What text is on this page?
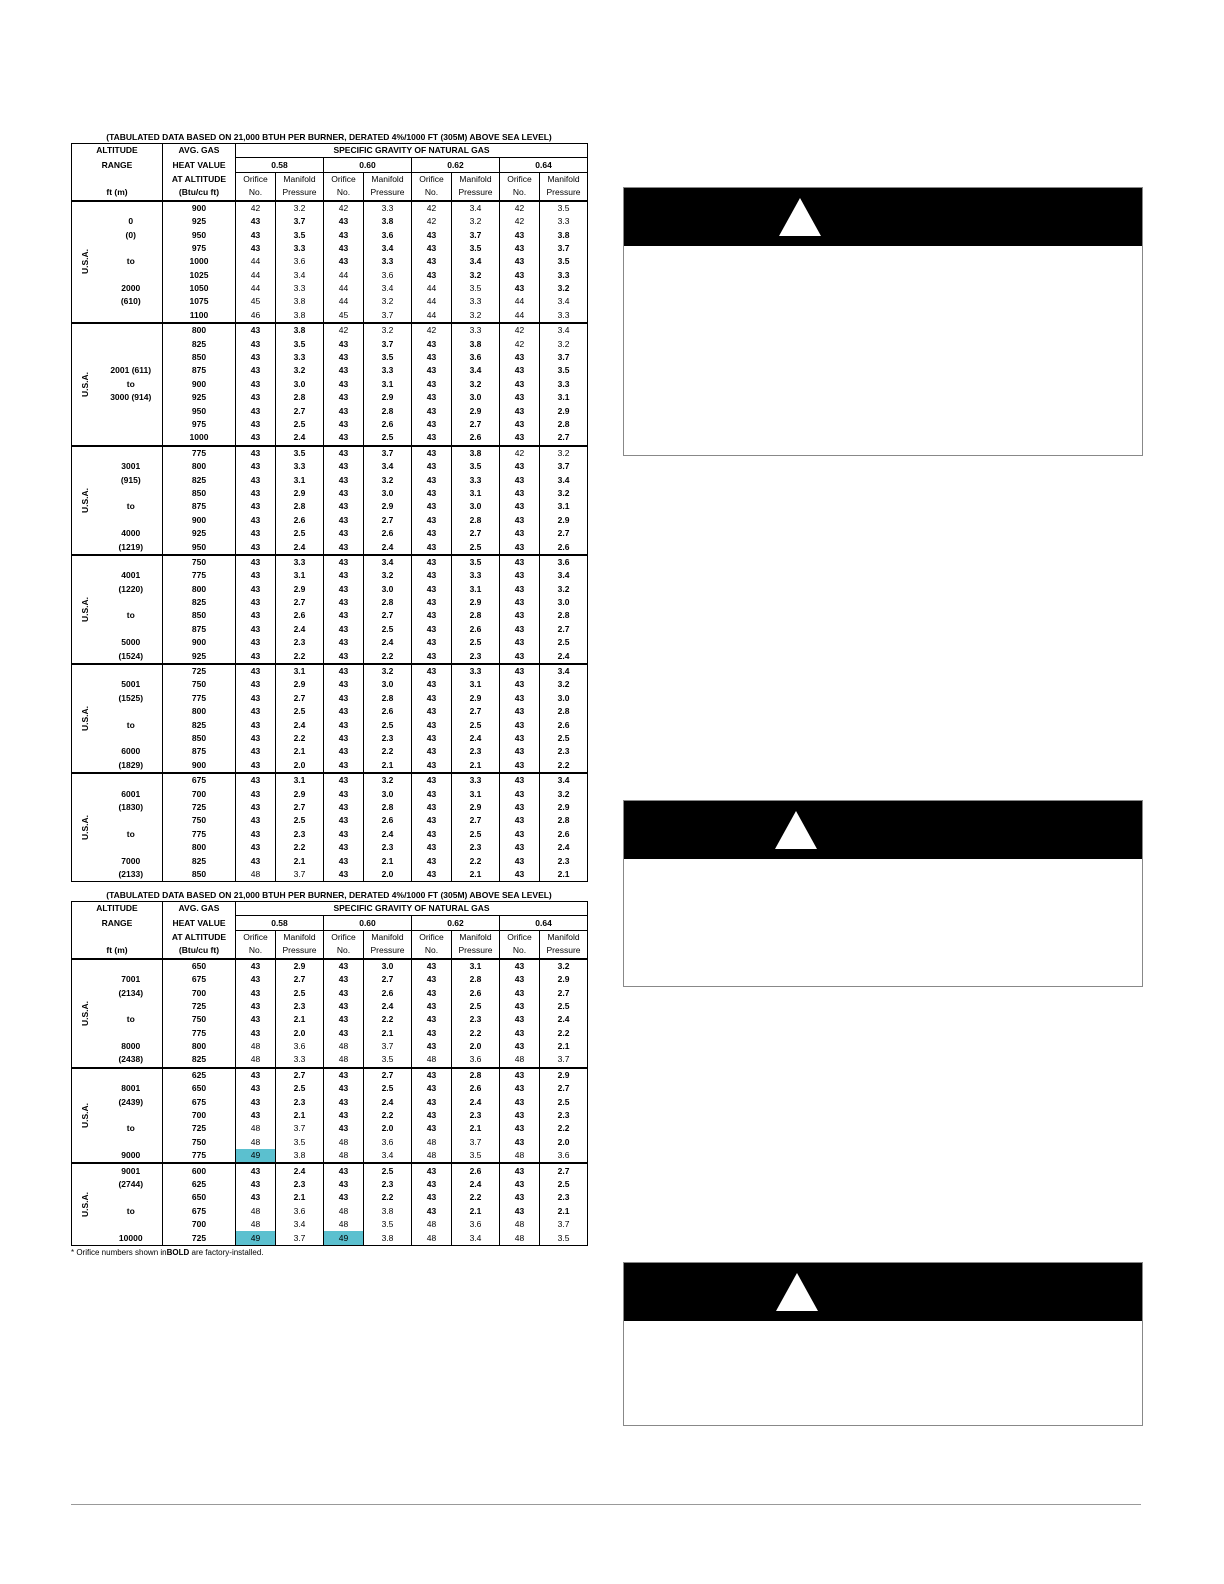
(TABULATED DATA BASED ON 21,000 BTUH PER BURNER, DERATED 4%/1000 FT (305M) ABOVE SEA LEVEL)
ALTITUDE		AVG. GAS	SPECIFIC GRAVITY OF NATURAL GAS							
RANGE		HEAT VALUE	0.58		0.60		0.62		0.64	
		AT ALTITUDE	Orifice	Manifold	Orifice	Manifold	Orifice	Manifold	Orifice	Manifold
ft (m)		(Btu/cu ft)	No.	Pressure	No.	Pressure	No.	Pressure	No.	Pressure
U.S.A.		900	42	3.2	42	3.3	42	3.4	42	3.5
	0	925	43	3.7	43	3.8	42	3.2	42	3.3
	(0)	950	43	3.5	43	3.6	43	3.7	43	3.8
		975	43	3.3	43	3.4	43	3.5	43	3.7
	to	1000	44	3.6	43	3.3	43	3.4	43	3.5
		1025	44	3.4	44	3.6	43	3.2	43	3.3
	2000	1050	44	3.3	44	3.4	44	3.5	43	3.2
	(610)	1075	45	3.8	44	3.2	44	3.3	44	3.4
		1100	46	3.8	45	3.7	44	3.2	44	3.3
U.S.A.		800	43	3.8	42	3.2	42	3.3	42	3.4
		825	43	3.5	43	3.7	43	3.8	42	3.2
		850	43	3.3	43	3.5	43	3.6	43	3.7
	2001 (611)	875	43	3.2	43	3.3	43	3.4	43	3.5
	to	900	43	3.0	43	3.1	43	3.2	43	3.3
	3000 (914)	925	43	2.8	43	2.9	43	3.0	43	3.1
		950	43	2.7	43	2.8	43	2.9	43	2.9
		975	43	2.5	43	2.6	43	2.7	43	2.8
		1000	43	2.4	43	2.5	43	2.6	43	2.7
U.S.A.		775	43	3.5	43	3.7	43	3.8	42	3.2
	3001	800	43	3.3	43	3.4	43	3.5	43	3.7
	(915)	825	43	3.1	43	3.2	43	3.3	43	3.4
		850	43	2.9	43	3.0	43	3.1	43	3.2
	to	875	43	2.8	43	2.9	43	3.0	43	3.1
		900	43	2.6	43	2.7	43	2.8	43	2.9
	4000	925	43	2.5	43	2.6	43	2.7	43	2.7
	(1219)	950	43	2.4	43	2.4	43	2.5	43	2.6
U.S.A.		750	43	3.3	43	3.4	43	3.5	43	3.6
	4001	775	43	3.1	43	3.2	43	3.3	43	3.4
	(1220)	800	43	2.9	43	3.0	43	3.1	43	3.2
		825	43	2.7	43	2.8	43	2.9	43	3.0
	to	850	43	2.6	43	2.7	43	2.8	43	2.8
		875	43	2.4	43	2.5	43	2.6	43	2.7
	5000	900	43	2.3	43	2.4	43	2.5	43	2.5
	(1524)	925	43	2.2	43	2.2	43	2.3	43	2.4
U.S.A.		725	43	3.1	43	3.2	43	3.3	43	3.4
	5001	750	43	2.9	43	3.0	43	3.1	43	3.2
	(1525)	775	43	2.7	43	2.8	43	2.9	43	3.0
		800	43	2.5	43	2.6	43	2.7	43	2.8
	to	825	43	2.4	43	2.5	43	2.5	43	2.6
		850	43	2.2	43	2.3	43	2.4	43	2.5
	6000	875	43	2.1	43	2.2	43	2.3	43	2.3
	(1829)	900	43	2.0	43	2.1	43	2.1	43	2.2
U.S.A.		675	43	3.1	43	3.2	43	3.3	43	3.4
	6001	700	43	2.9	43	3.0	43	3.1	43	3.2
	(1830)	725	43	2.7	43	2.8	43	2.9	43	2.9
		750	43	2.5	43	2.6	43	2.7	43	2.8
	to	775	43	2.3	43	2.4	43	2.5	43	2.6
		800	43	2.2	43	2.3	43	2.3	43	2.4
	7000	825	43	2.1	43	2.1	43	2.2	43	2.3
	(2133)	850	48	3.7	43	2.0	43	2.1	43	2.1
(TABULATED DATA BASED ON 21,000 BTUH PER BURNER, DERATED 4%/1000 FT (305M) ABOVE SEA LEVEL)
ALTITUDE		AVG. GAS	SPECIFIC GRAVITY OF NATURAL GAS							
RANGE		HEAT VALUE	0.58		0.60		0.62		0.64	
		AT ALTITUDE	Orifice	Manifold	Orifice	Manifold	Orifice	Manifold	Orifice	Manifold
ft (m)		(Btu/cu ft)	No.	Pressure	No.	Pressure	No.	Pressure	No.	Pressure
U.S.A.		650	43	2.9	43	3.0	43	3.1	43	3.2
	7001	675	43	2.7	43	2.7	43	2.8	43	2.9
	(2134)	700	43	2.5	43	2.6	43	2.6	43	2.7
		725	43	2.3	43	2.4	43	2.5	43	2.5
	to	750	43	2.1	43	2.2	43	2.3	43	2.4
		775	43	2.0	43	2.1	43	2.2	43	2.2
	8000	800	48	3.6	48	3.7	43	2.0	43	2.1
	(2438)	825	48	3.3	48	3.5	48	3.6	48	3.7
U.S.A.		625	43	2.7	43	2.7	43	2.8	43	2.9
	8001	650	43	2.5	43	2.5	43	2.6	43	2.7
	(2439)	675	43	2.3	43	2.4	43	2.4	43	2.5
		700	43	2.1	43	2.2	43	2.3	43	2.3
	to	725	48	3.7	43	2.0	43	2.1	43	2.2
		750	48	3.5	48	3.6	48	3.7	43	2.0
	9000	775	49	3.8	48	3.4	48	3.5	48	3.6
U.S.A.	9001	600	43	2.4	43	2.5	43	2.6	43	2.7
	(2744)	625	43	2.3	43	2.3	43	2.4	43	2.5
		650	43	2.1	43	2.2	43	2.2	43	2.3
	to	675	48	3.6	48	3.8	43	2.1	43	2.1
		700	48	3.4	48	3.5	48	3.6	48	3.7
	10000	725	49	3.7	49	3.8	48	3.4	48	3.5
* Orifice numbers shown inBOLD are factory-installed.
